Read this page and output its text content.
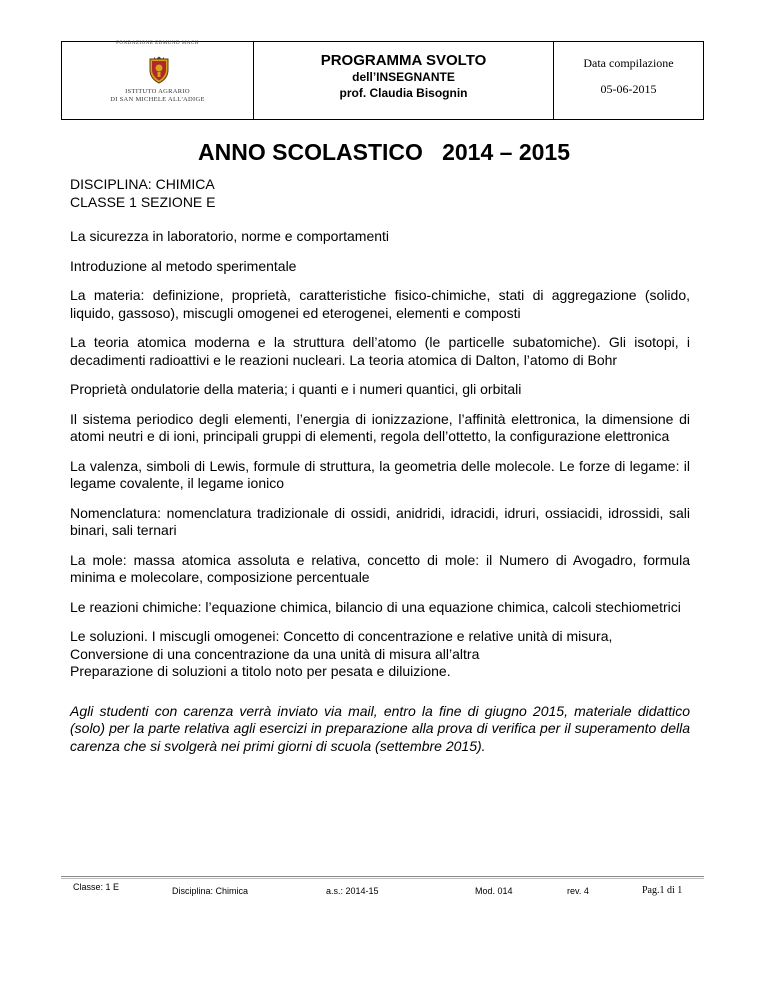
FONDAZIONE EDMUND MACH
ISTITUTO AGRARIO
DI SAN MICHELE ALL'ADIGE
PROGRAMMA SVOLTO
dell’INSEGNANTE
prof. Claudia Bisognin
Data compilazione
05-06-2015
ANNO SCOLASTICO   2014 – 2015

DISCIPLINA: CHIMICA

CLASSE 1 SEZIONE E

La sicurezza in laboratorio, norme e comportamenti

Introduzione al metodo sperimentale

La materia: definizione, proprietà, caratteristiche fisico-chimiche, stati di aggregazione (solido, liquido, gassoso), miscugli omogenei ed eterogenei, elementi e composti

La teoria atomica moderna e la struttura dell’atomo (le particelle subatomiche). Gli isotopi, i decadimenti radioattivi e le reazioni nucleari. La teoria atomica di Dalton, l’atomo di Bohr

Proprietà ondulatorie della materia; i quanti e i numeri quantici, gli orbitali

Il sistema periodico degli elementi, l’energia di ionizzazione, l’affinità elettronica, la dimensione di atomi neutri e di ioni, principali gruppi di elementi, regola dell’ottetto, la configurazione elettronica

La valenza, simboli di Lewis, formule di struttura, la geometria delle molecole. Le forze di legame: il legame covalente, il legame ionico

Nomenclatura: nomenclatura tradizionale di ossidi, anidridi, idracidi, idruri, ossiacidi, idrossidi, sali binari, sali ternari

La mole: massa atomica assoluta e relativa, concetto di mole: il Numero di Avogadro, formula minima e molecolare, composizione percentuale

Le reazioni chimiche: l’equazione chimica, bilancio di una equazione chimica, calcoli stechiometrici

Le soluzioni. I miscugli omogenei: Concetto di concentrazione e relative unità di misura,

Conversione di una concentrazione da una unità di misura all’altra

Preparazione di soluzioni a titolo noto per pesata e diluizione.

Agli studenti con carenza verrà inviato via mail, entro la fine di giugno 2015, materiale didattico (solo) per la parte relativa agli esercizi in preparazione alla prova di verifica per il superamento della carenza che si svolgerà nei primi giorni di scuola (settembre 2015).

Classe: 1 E	Disciplina: Chimica	a.s.: 2014-15	Mod. 014	rev. 4	Pag.1 di 1
